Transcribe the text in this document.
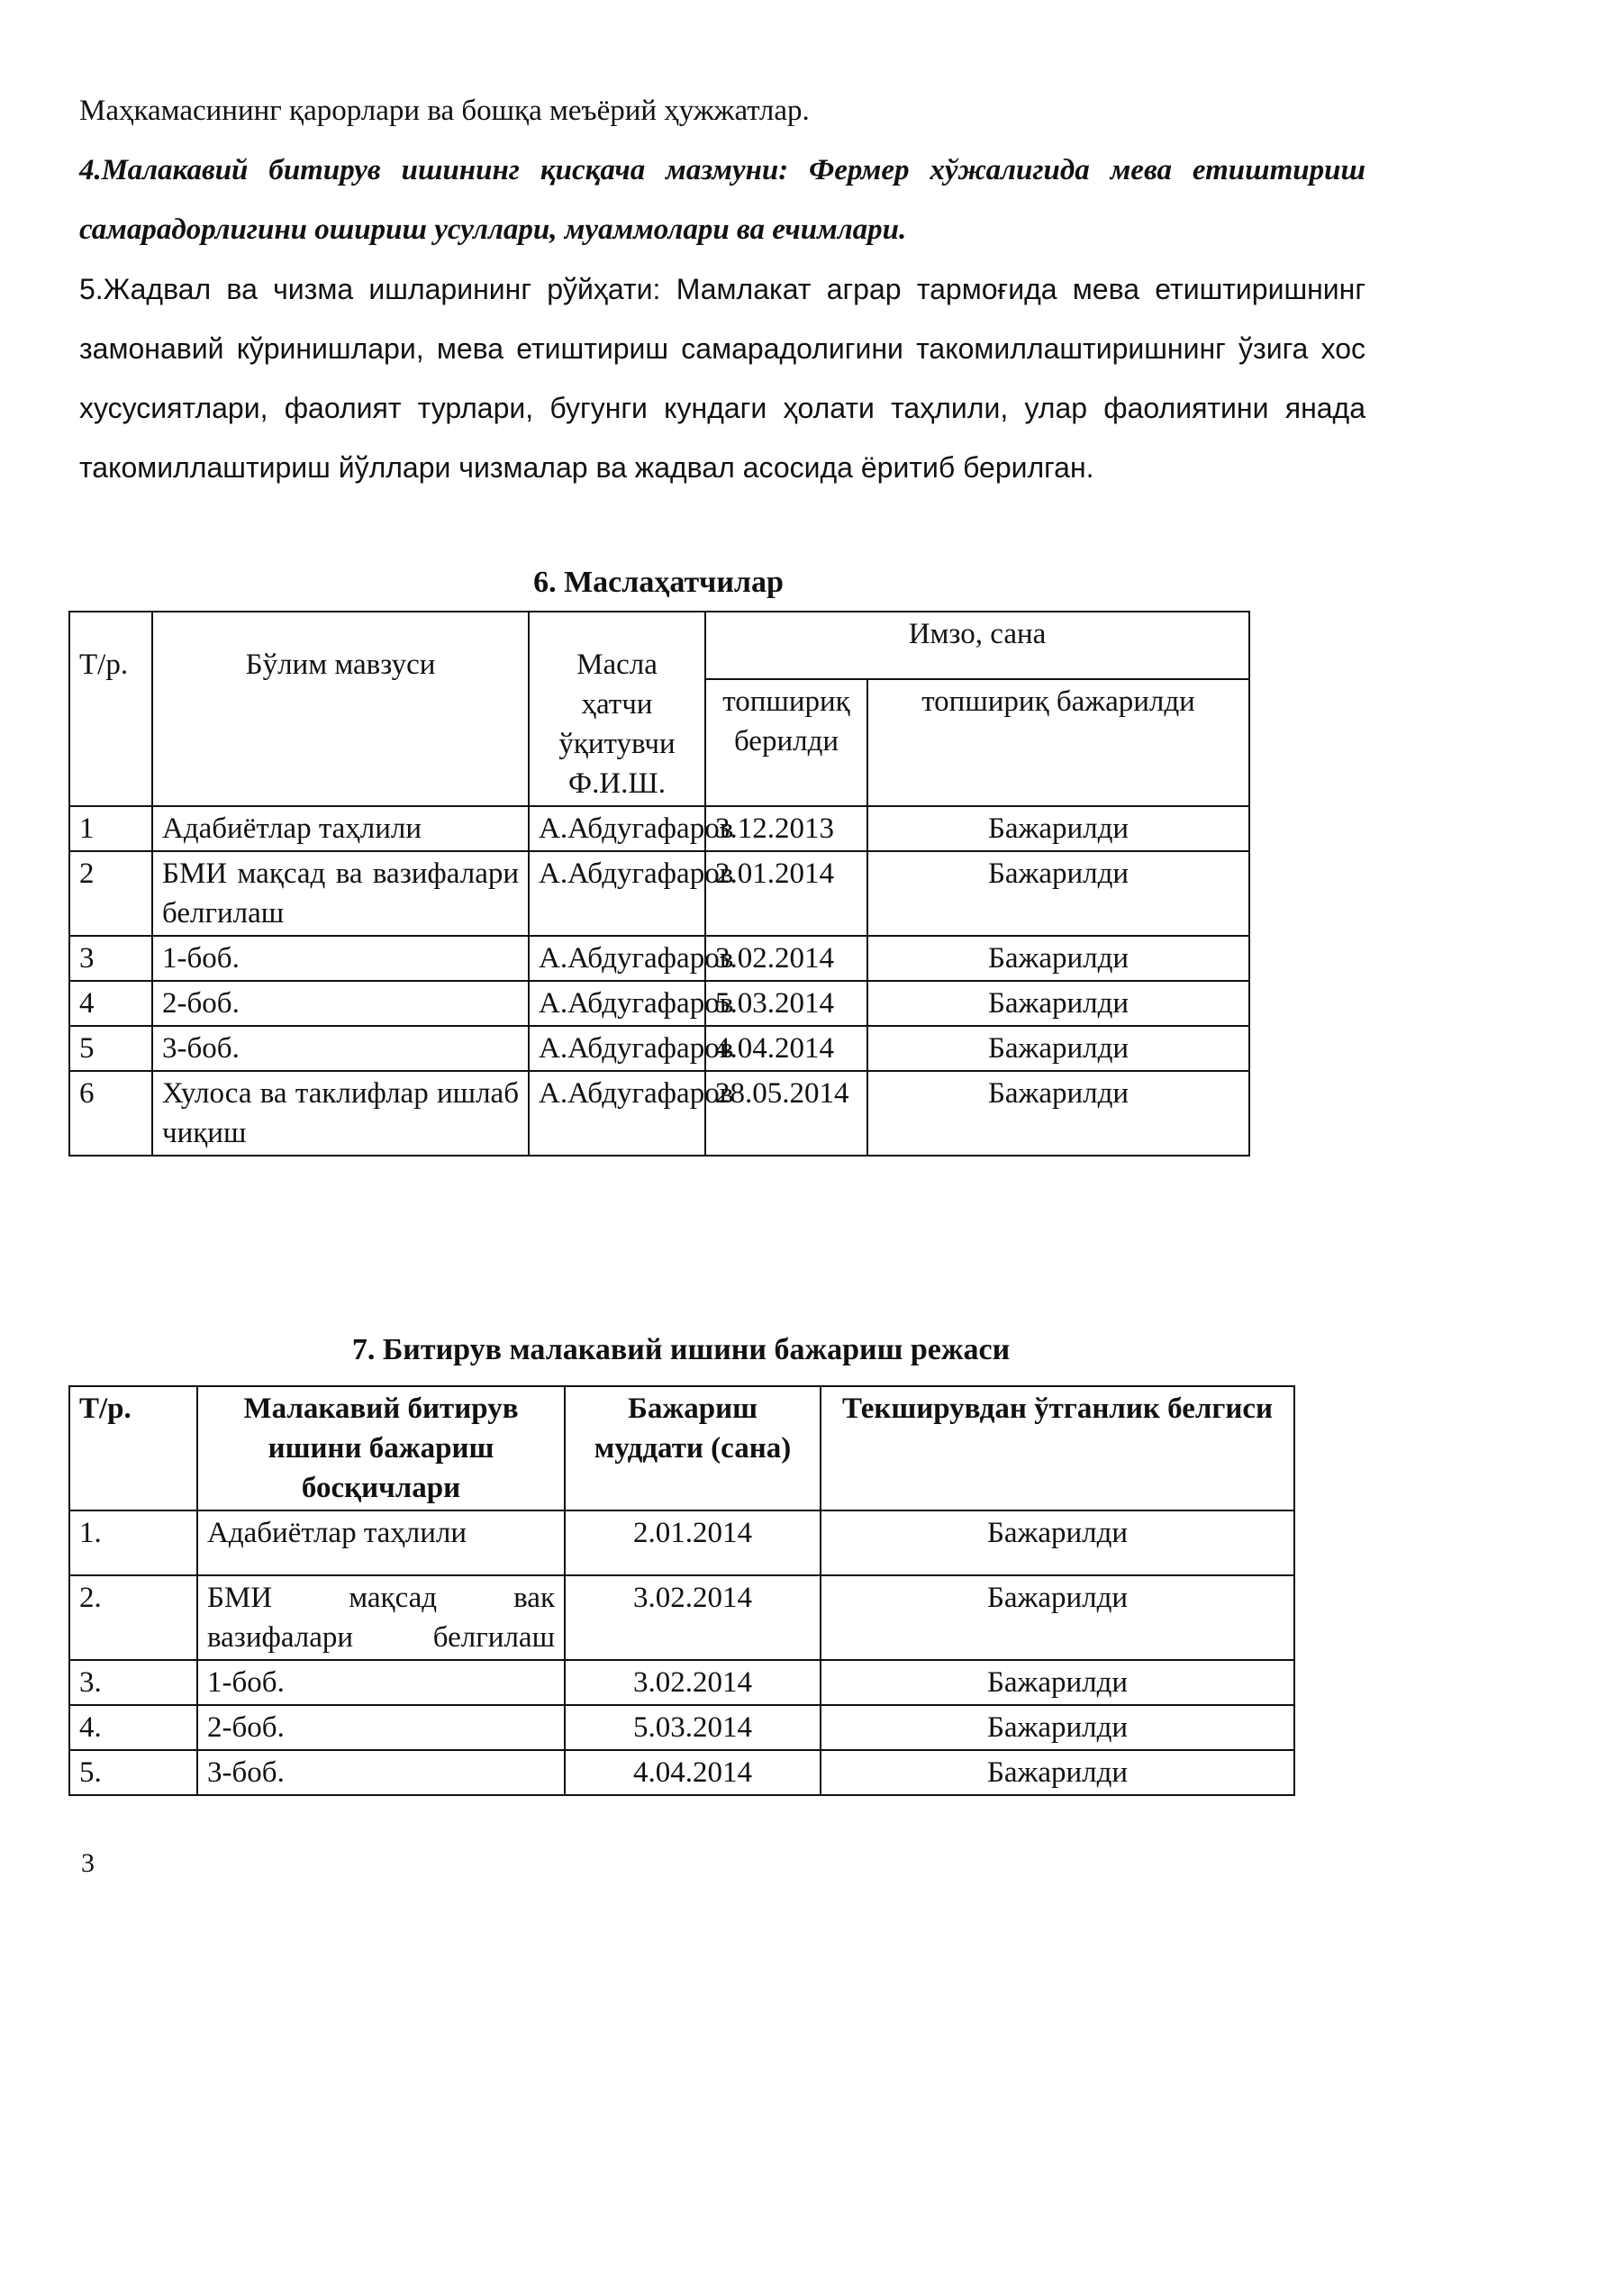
Маҳкамасининг қарорлари ва бошқа меъёрий ҳужжатлар.

4.Малакавий битирув ишининг қисқача мазмуни: Фермер хўжалигида мева етиштириш самарадорлигини ошириш усуллари, муаммолари ва ечимлари.

5.Жадвал ва чизма ишларининг рўйҳати: Мамлакат аграр тармоғида мева етиштиришнинг замонавий кўринишлари, мева етиштириш самарадолигини такомиллаштиришнинг ўзига хос хусусиятлари, фаолият турлари, бугунги кундаги ҳолати таҳлили, улар фаолиятини янада такомиллаштириш йўллари чизмалар ва жадвал асосида ёритиб берилган.

6. Маслаҳатчилар
Т/р.	Бўлим мавзуси	Масла ҳатчи ўқитувчи Ф.И.Ш.	Имзо, сана	
			топшириқ берилди	топшириқ бажарилди
1	Адабиётлар таҳлили	А.Абдугафаров	3.12.2013	Бажарилди
2	БМИ мақсад ва вазифалари белгилаш	А.Абдугафаров	2.01.2014	Бажарилди
3	1-боб.	А.Абдугафаров	3.02.2014	Бажарилди
4	2-боб.	А.Абдугафаров	5.03.2014	Бажарилди
5	3-боб.	А.Абдугафаров	4.04.2014	Бажарилди
6	Хулоса ва таклифлар ишлаб чиқиш	А.Абдугафаров	28.05.2014	Бажарилди
7. Битирув малакавий ишини бажариш режаси
Т/р.	Малакавий битирув ишини бажариш босқичлари	Бажариш муддати (сана)	Текширувдан ўтганлик белгиси
1.	Адабиётлар таҳлили	2.01.2014	Бажарилди
2.	БМИ мақсад вак вазифалари белгилаш	3.02.2014	Бажарилди
3.	1-боб.	3.02.2014	Бажарилди
4.	2-боб.	5.03.2014	Бажарилди
5.	3-боб.	4.04.2014	Бажарилди

3
